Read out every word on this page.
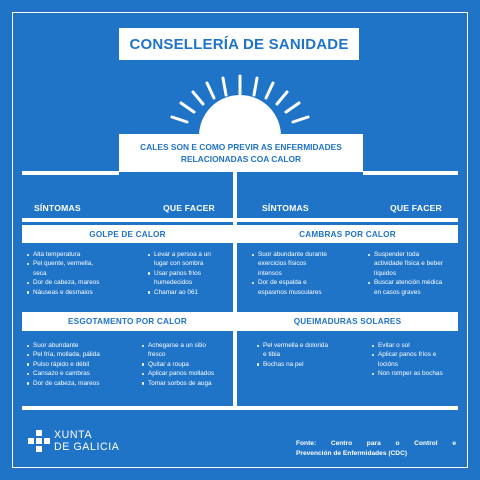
CONSELLERÍA DE SANIDADE
CALES SON E COMO PREVIR AS ENFERMIDADES
RELACIONADAS COA CALOR
SÍNTOMAS	QUE FACER	SÍNTOMAS	QUE FACER
GOLPE DE CALOR	CAMBRAS POR CALOR
ESGOTAMENTO POR CALOR	QUEIMADURAS SOLARES
Alta temperatura
Pel quente, vermella,
seca
Dor de cabeza, mareos
Náuseas e desmaios
Levar a persoa a un
lugar con sombra
Usar panos fríos
humedecidos
Chamar ao 061
Suor abundante durante
exercicios físicos
intensos
Dor de espalda e
espasmos musculares
Suspender toda
actividade física e beber
líquidos
Buscar atención médica
en casos graves
Suor abundante
Pel fría, mollada, pálida
Pulso rápido e débil
Cansazo e cambras
Dor de cabeza, mareos
Achegarse a un sitio
fresco
Quitar a roupa
Aplicar panos mollados
Tomar sorbos de auga
Pel vermella e dolorida
e tibia
Bochas na pel
Evitar o sol
Aplicar panos fríos e
locións
Non romper as bochas
XUNTA
DE GALICIA	Fonte: Centro para o Control e
Prevención de Enfermidades (CDC)
